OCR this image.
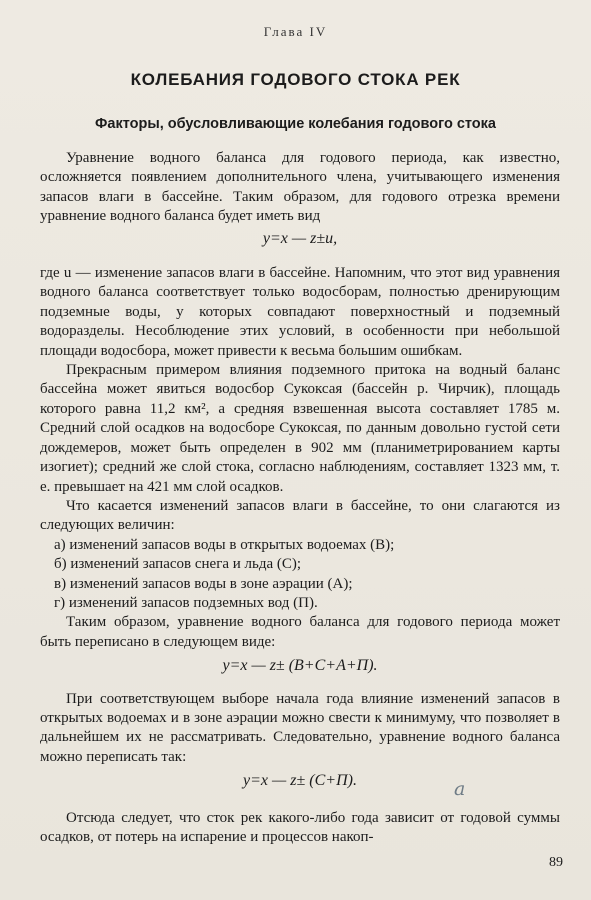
Глава IV
КОЛЕБАНИЯ ГОДОВОГО СТОКА РЕК
Факторы, обусловливающие колебания годового стока

Уравнение водного баланса для годового периода, как известно, осложняется появлением дополнительного члена, учитывающего изменения запасов влаги в бассейне. Таким образом, для годового отрезка времени уравнение водного баланса будет иметь вид

y=x — z±u,

где u — изменение запасов влаги в бассейне. Напомним, что этот вид уравнения водного баланса соответствует только водосборам, полностью дренирующим подземные воды, у которых совпадают поверхностный и подземный водоразделы. Несоблюдение этих условий, в особенности при небольшой площади водосбора, может привести к весьма большим ошибкам.

Прекрасным примером влияния подземного притока на водный баланс бассейна может явиться водосбор Сукоксая (бассейн р. Чирчик), площадь которого равна 11,2 км², а средняя взвешенная высота составляет 1785 м. Средний слой осадков на водосборе Сукоксая, по данным довольно густой сети дождемеров, может быть определен в 902 мм (планиметрированием карты изогиет); средний же слой стока, согласно наблюдениям, составляет 1323 мм, т. е. превышает на 421 мм слой осадков.

Что касается изменений запасов влаги в бассейне, то они слагаются из следующих величин:

а) изменений запасов воды в открытых водоемах (В);
б) изменений запасов снега и льда (С);
в) изменений запасов воды в зоне аэрации (А);
г) изменений запасов подземных вод (П).

Таким образом, уравнение водного баланса для годового периода может быть переписано в следующем виде:

y=x — z± (В+С+А+П).

При соответствующем выборе начала года влияние изменений запасов в открытых водоемах и в зоне аэрации можно свести к минимуму, что позволяет в дальнейшем их не рассматривать. Следовательно, уравнение водного баланса можно переписать так:

y=x — z± (С+П).

Отсюда следует, что сток рек какого-либо года зависит от годовой суммы осадков, от потерь на испарение и процессов накоп-

a
89
